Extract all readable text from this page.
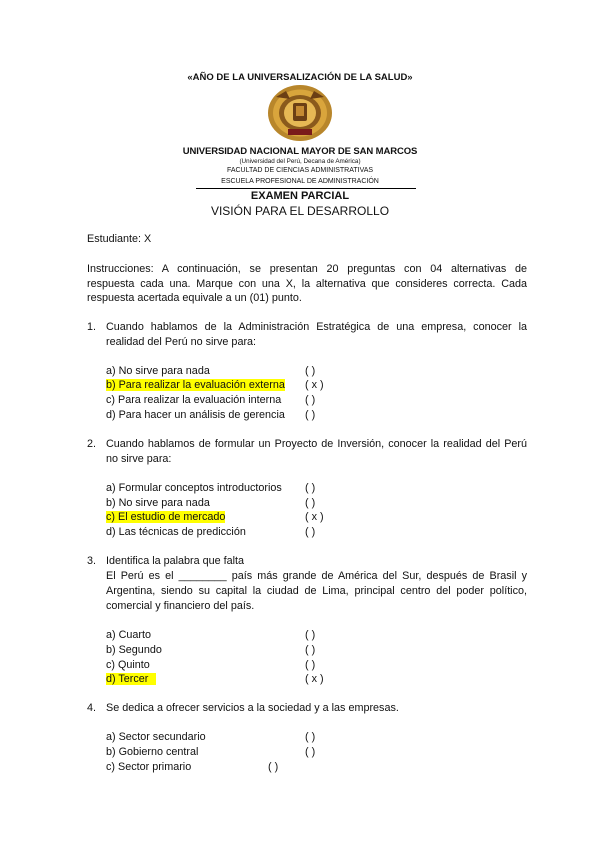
«AÑO DE LA UNIVERSALIZACIÓN DE LA SALUD»
UNIVERSIDAD NACIONAL MAYOR DE SAN MARCOS
(Universidad del Perú, Decana de América)
FACULTAD DE CIENCIAS ADMINISTRATIVAS
ESCUELA PROFESIONAL DE ADMINISTRACIÓN
EXAMEN PARCIAL
VISIÓN PARA EL DESARROLLO
Estudiante: X
Instrucciones: A continuación, se presentan 20 preguntas con 04 alternativas de
respuesta cada una. Marque con una X, la alternativa que consideres correcta. Cada
respuesta acertada equivale a un (01) punto.
1. Cuando hablamos de la Administración Estratégica de una empresa, conocer la
realidad del Perú no sirve para:
a) No sirve para nada	( )
b) Para realizar la evaluación externa ( x )
c) Para realizar la evaluación interna ( )
d) Para hacer un análisis de gerencia ( )
2. Cuando hablamos de formular un Proyecto de Inversión, conocer la realidad del Perú
no sirve para:
a) Formular conceptos introductorios ( )
b) No sirve para nada	( )
c) El estudio de mercado	( x )
d) Las técnicas de predicción	( )
3. Identifica la palabra que falta
El Perú es el ________ país más grande de América del Sur, después de Brasil y
Argentina, siendo su capital la ciudad de Lima, principal centro del poder político,
comercial y financiero del país.
a) Cuarto	( )
b) Segundo	( )
c) Quinto	( )
d) Tercer	( x )
4. Se dedica a ofrecer servicios a la sociedad y a las empresas.
a) Sector secundario	( )
b) Gobierno central	( )
c) Sector primario	( )
